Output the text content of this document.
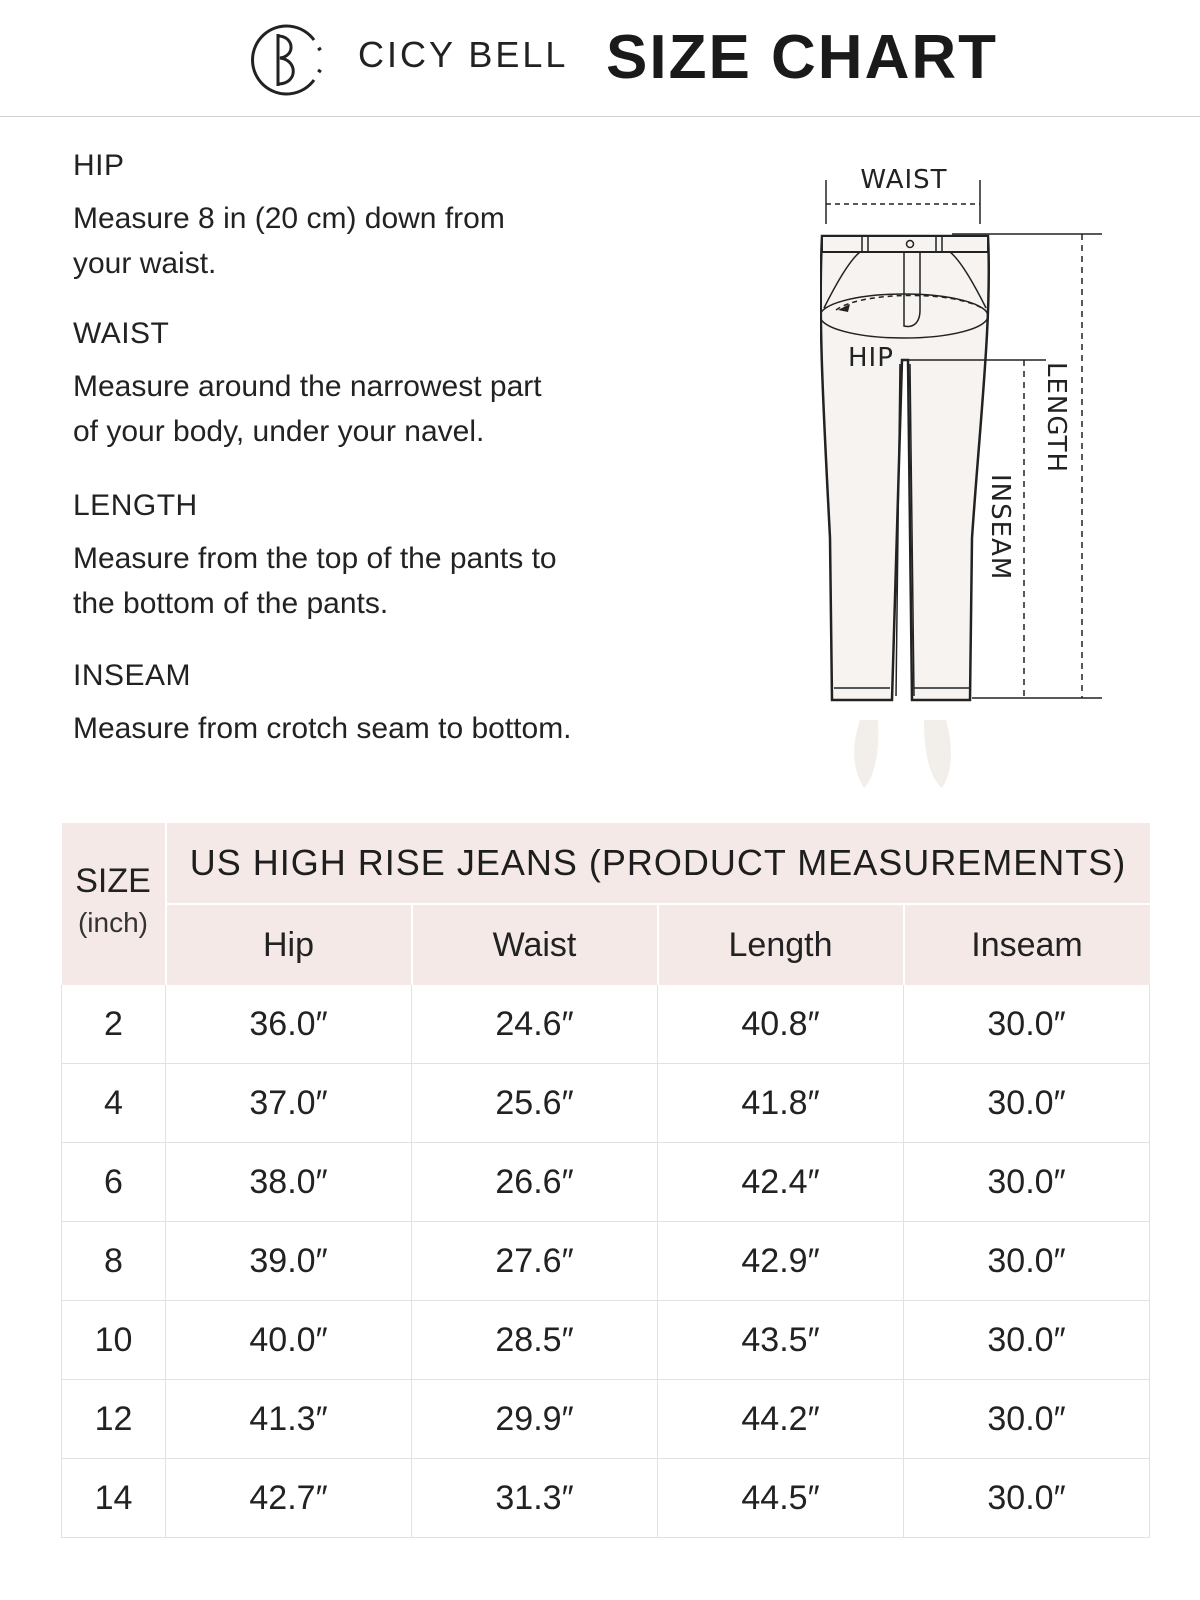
CICY BELL SIZE CHART
HIP
Measure 8 in (20 cm) down from
your waist.
WAIST
Measure around the narrowest part
of your body, under your navel.
LENGTH
Measure from the top of the pants to
the bottom of the pants.
INSEAM
Measure from crotch seam to bottom.
WAIST
HIP
LENGTH
INSEAM
SIZE
(inch)	US HIGH RISE JEANS (PRODUCT MEASUREMENTS)			
	Hip	Waist	Length	Inseam
2	36.0″	24.6″	40.8″	30.0″
4	37.0″	25.6″	41.8″	30.0″
6	38.0″	26.6″	42.4″	30.0″
8	39.0″	27.6″	42.9″	30.0″
10	40.0″	28.5″	43.5″	30.0″
12	41.3″	29.9″	44.2″	30.0″
14	42.7″	31.3″	44.5″	30.0″
